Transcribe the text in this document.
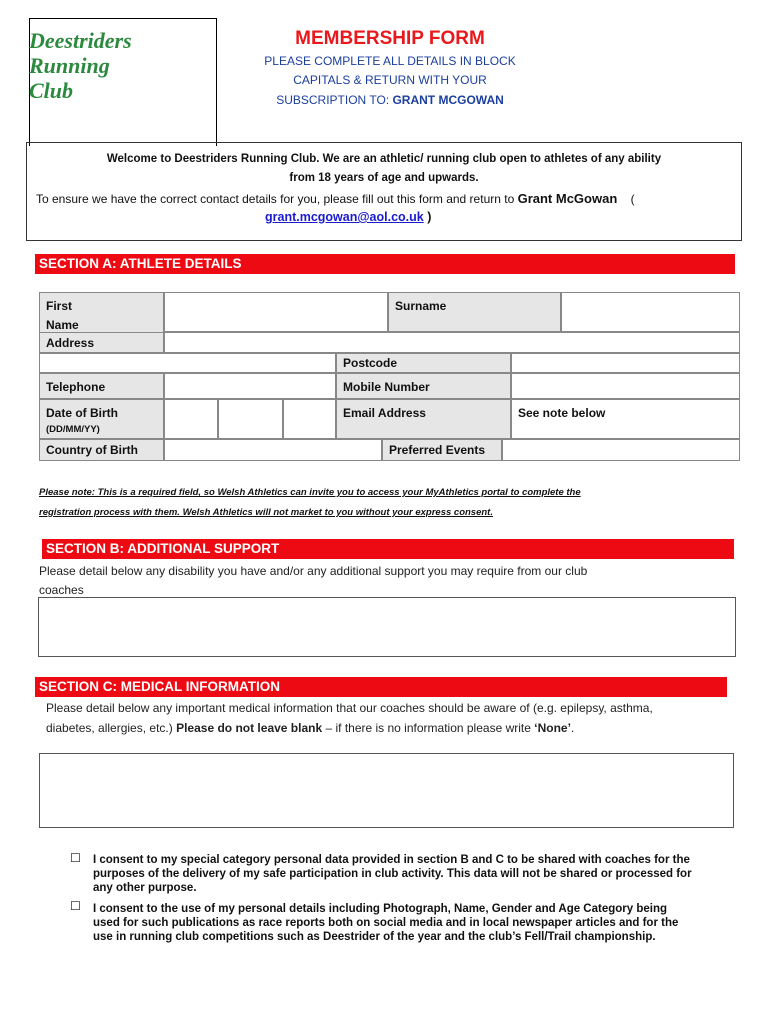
Deestriders
Running
Club
MEMBERSHIP FORM
PLEASE COMPLETE ALL DETAILS IN BLOCK
CAPITALS & RETURN WITH YOUR
SUBSCRIPTION TO: GRANT MCGOWAN
Welcome to Deestriders Running Club. We are an athletic/ running club open to athletes of any ability
from 18 years of age and upwards.
To ensure we have the correct contact details for you, please fill out this form and return to Grant McGowan (
grant.mcgowan@aol.co.uk )
SECTION A: ATHLETE DETAILS
First
Name
Surname
Address
Postcode
Telephone	Mobile Number
Date of Birth
(DD/MM/YY)
Email Address	See note below
Country of Birth	Preferred Events
Please note: This is a required field, so Welsh Athletics can invite you to access your MyAthletics portal to complete the
registration process with them. Welsh Athletics will not market to you without your express consent.
SECTION B: ADDITIONAL SUPPORT
Please detail below any disability you have and/or any additional support you may require from our club
coaches
SECTION C: MEDICAL INFORMATION
Please detail below any important medical information that our coaches should be aware of (e.g. epilepsy, asthma,
diabetes, allergies, etc.) Please do not leave blank – if there is no information please write ‘None’.
☐ I consent to my special category personal data provided in section B and C to be shared with coaches for the purposes of the delivery of my safe participation in club activity. This data will not be shared or processed for any other purpose.
☐ I consent to the use of my personal details including Photograph, Name, Gender and Age Category being used for such publications as race reports both on social media and in local newspaper articles and for the use in running club competitions such as Deestrider of the year and the club’s Fell/Trail championship.
